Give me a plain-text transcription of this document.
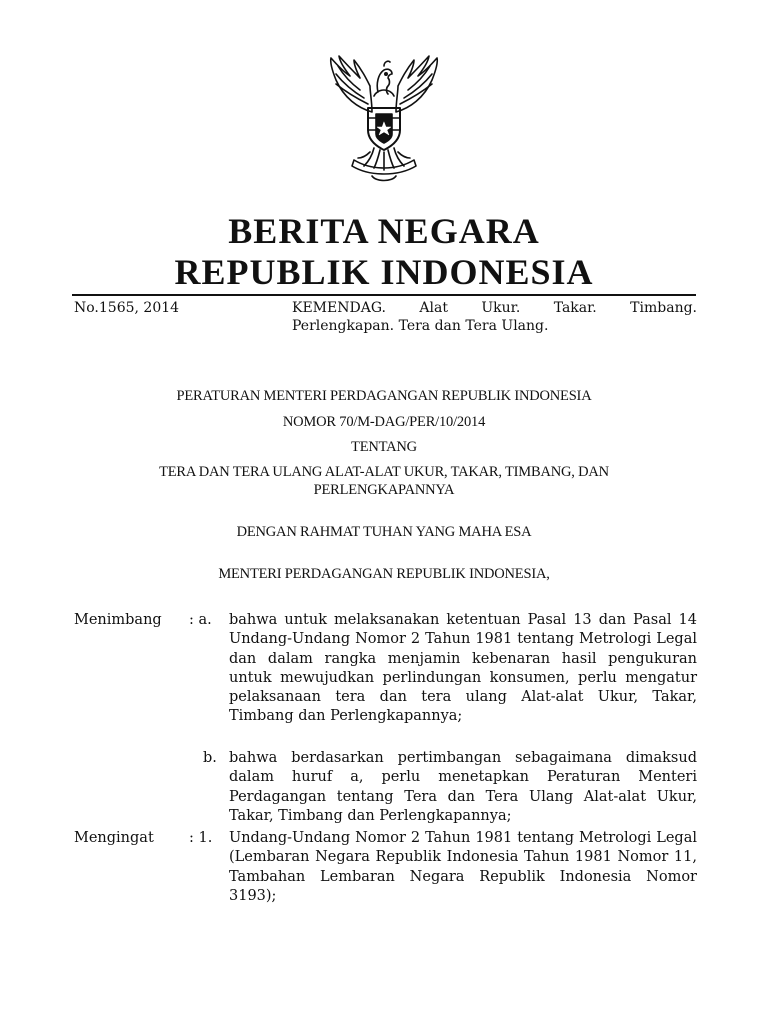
BERITA NEGARA
REPUBLIK INDONESIA
No.1565, 2014	KEMENDAG. Alat Ukur. Takar. Timbang.
Perlengkapan. Tera dan Tera Ulang.
PERATURAN MENTERI PERDAGANGAN REPUBLIK INDONESIA
NOMOR 70/M-DAG/PER/10/2014
TENTANG
TERA DAN TERA ULANG ALAT-ALAT UKUR, TAKAR, TIMBANG, DAN
PERLENGKAPANNYA
DENGAN RAHMAT TUHAN YANG MAHA ESA
MENTERI PERDAGANGAN REPUBLIK INDONESIA,
Menimbang : a. bahwa untuk melaksanakan ketentuan Pasal 13 dan Pasal 14 Undang-Undang Nomor 2 Tahun 1981 tentang Metrologi Legal dan dalam rangka menjamin kebenaran hasil pengukuran untuk mewujudkan perlindungan konsumen, perlu mengatur pelaksanaan tera dan tera ulang Alat-alat Ukur, Takar, Timbang dan Perlengkapannya;
b. bahwa berdasarkan pertimbangan sebagaimana dimaksud dalam huruf a, perlu menetapkan Peraturan Menteri Perdagangan tentang Tera dan Tera Ulang Alat-alat Ukur, Takar, Timbang dan Perlengkapannya;
Mengingat : 1. Undang-Undang Nomor 2 Tahun 1981 tentang Metrologi Legal (Lembaran Negara Republik Indonesia Tahun 1981 Nomor 11, Tambahan Lembaran Negara Republik Indonesia Nomor 3193);
